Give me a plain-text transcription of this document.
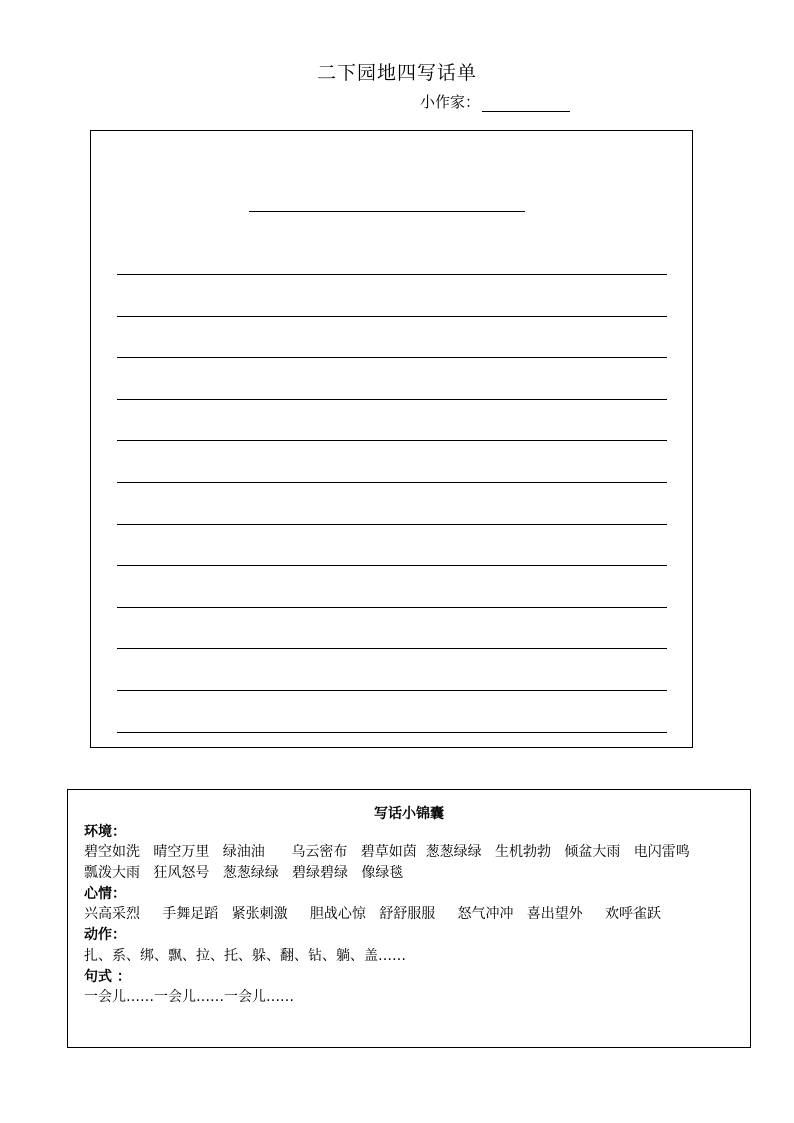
二下园地四写话单
小作家：
写话小锦囊
环境：
碧空如洗   晴空万里   绿油油      乌云密布   碧草如茵  葱葱绿绿   生机勃勃   倾盆大雨   电闪雷鸣
瓢泼大雨   狂风怒号   葱葱绿绿   碧绿碧绿   像绿毯
心情：
兴高采烈     手舞足蹈   紧张刺激     胆战心惊   舒舒服服     怒气冲冲   喜出望外     欢呼雀跃
动作：
扎、系、绑、飘、拉、托、躲、翻、钻、躺、盖……
句式 ：
一会儿……一会儿……一会儿……
